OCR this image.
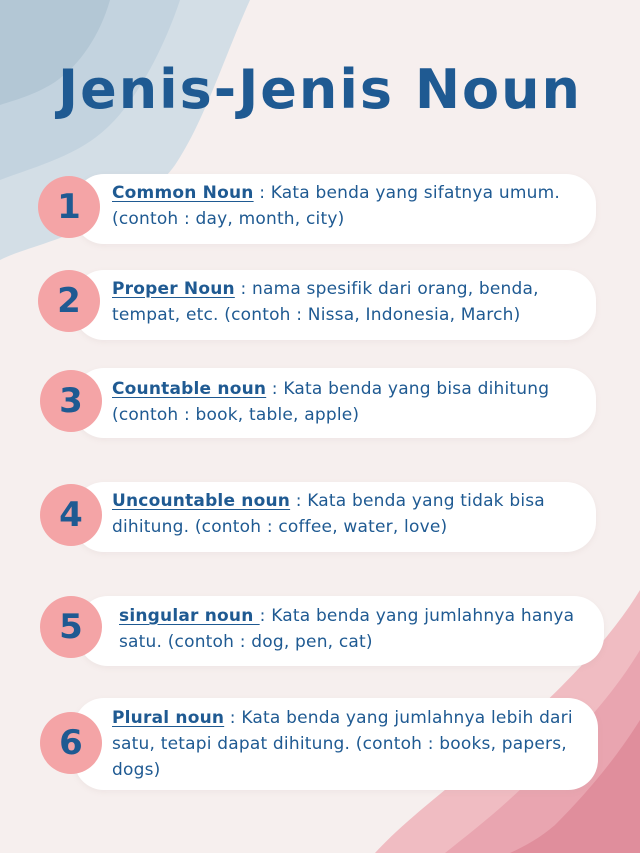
Jenis-Jenis Noun
1	Common Noun : Kata benda yang sifatnya umum. (contoh : day, month, city)
2	Proper Noun : nama spesifik dari orang, benda, tempat, etc. (contoh : Nissa, Indonesia, March)
3	Countable noun : Kata benda yang bisa dihitung (contoh : book, table, apple)
4	Uncountable noun : Kata benda yang tidak bisa dihitung. (contoh : coffee, water, love)
5	singular noun : Kata benda yang jumlahnya hanya satu. (contoh : dog, pen, cat)
6
Plural noun : Kata benda yang jumlahnya lebih dari satu, tetapi dapat dihitung. (contoh : books, papers, dogs)
